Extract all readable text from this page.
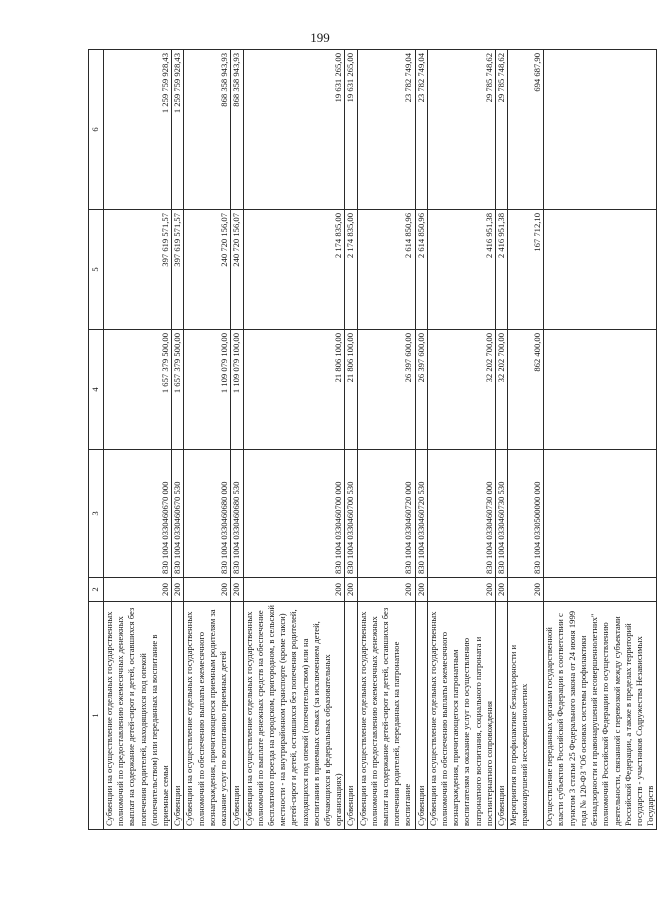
199
1	2	3	4	5	6
Субвенции на осуществление отдельных государственных полномочий по предоставлению ежемесячных денежных выплат на содержание детей-сирот и детей, оставшихся без попечения родителей, находящихся под опекой (попечительством) или переданных на воспитание в приемные семьи	200	830 1004 0330460670 000	1 657 379 500,00	397 619 571,57	1 259 759 928,43
Субвенции	200	830 1004 0330460670 530	1 657 379 500,00	397 619 571,57	1 259 759 928,43
Субвенции на осуществление отдельных государственных полномочий по обеспечению выплаты ежемесячного вознаграждения, причитающегося приемным родителям за оказание услуг по воспитанию приемных детей	200	830 1004 0330460680 000	1 109 079 100,00	240 720 156,07	868 358 943,93
Субвенции	200	830 1004 0330460680 530	1 109 079 100,00	240 720 156,07	868 358 943,93
Субвенции на осуществление отдельных государственных полномочий по выплате денежных средств на обеспечение бесплатного проезда на городском, пригородном, в сельской местности - на внутрирайонном транспорте (кроме такси) детей-сирот и детей, оставшихся без попечения родителей, находящихся под опекой (попечительством) или на воспитании в приемных семьях (за исключением детей, обучающихся в федеральных образовательных организациях)	200	830 1004 0330460700 000	21 806 100,00	2 174 835,00	19 631 265,00
Субвенции	200	830 1004 0330460700 530	21 806 100,00	2 174 835,00	19 631 265,00
Субвенции на осуществление отдельных государственных полномочий по предоставлению ежемесячных денежных выплат на содержание детей-сирот и детей, оставшихся без попечения родителей, переданных на патронатное воспитание	200	830 1004 0330460720 000	26 397 600,00	2 614 850,96	23 782 749,04
Субвенции	200	830 1004 0330460720 530	26 397 600,00	2 614 850,96	23 782 749,04
Субвенции на осуществление отдельных государственных полномочий по обеспечению выплаты ежемесячного вознаграждения, причитающегося патронатным воспитателям за оказание услуг по осуществлению патронатного воспитания, социального патроната и постинтернатного сопровождения	200	830 1004 0330460730 000	32 202 700,00	2 416 951,38	29 785 748,62
Субвенции	200	830 1004 0330460730 530	32 202 700,00	2 416 951,38	29 785 748,62
Мероприятия по профилактике безнадзорности и правонарушений несовершеннолетних	200	830 1004 0330500000 000	862 400,00	167 712,10	694 687,90
Осуществление переданных органам государственной власти субъектов Российской Федерации в соответствии с пунктом 3 статьи 25 Федерального закона от 24 июня 1999 года № 120-ФЗ "Об основах системы профилактики безнадзорности и правонарушений несовершеннолетних" полномочий Российской Федерации по осуществлению деятельности, связанной с перевозкой между субъектами Российской Федерации, а также в пределах территорий государств - участников Содружества Независимых Государств					
